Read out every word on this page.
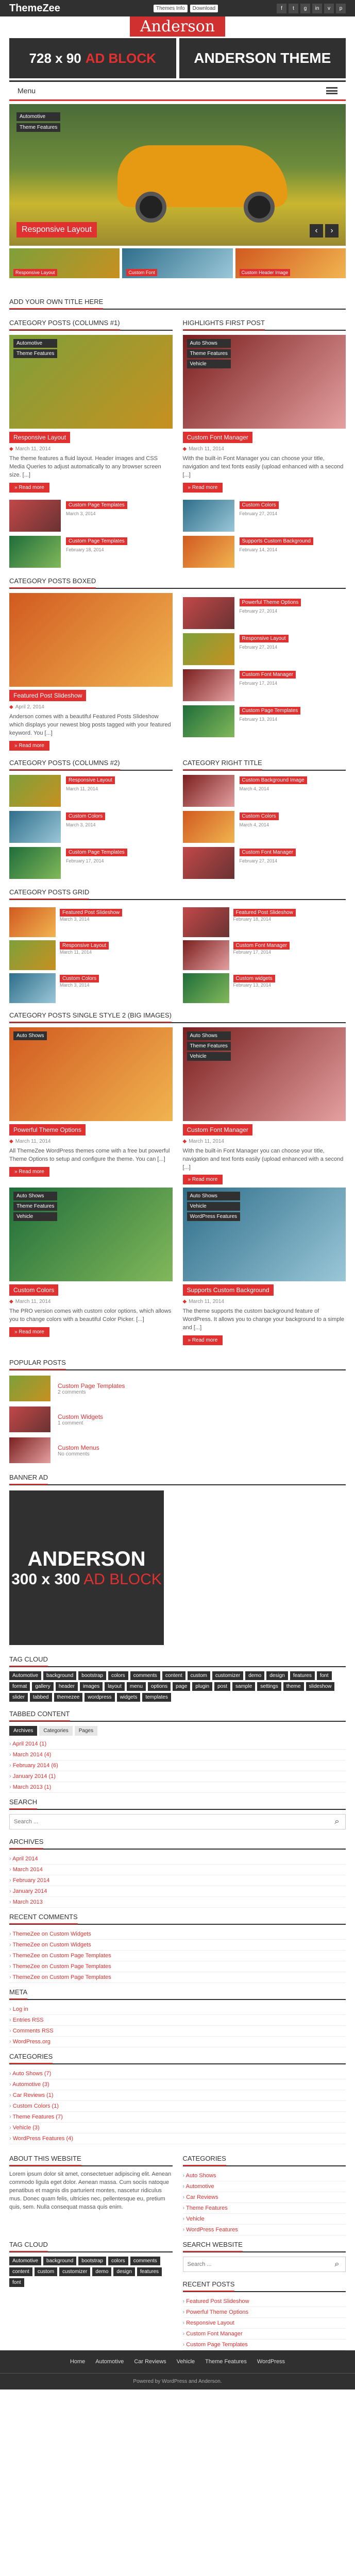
ThemeZee	Themes Info	Download	f	t	g	in	v	p
Anderson
728 x 90 AD BLOCK	ANDERSON THEME
Menu
Automotive
Theme Features
Responsive Layout	‹	›
Responsive Layout	Custom Font	Custom Header Image
ADD YOUR OWN TITLE HERE
CATEGORY POSTS (COLUMNS #1)
Automotive
Theme Features
Responsive Layout
◆ March 11, 2014
The theme features a fluid layout. Header images and CSS Media Queries to adjust automatically to any browser screen size. [...]
» Read more
Custom Page Templates
March 3, 2014
Custom Page Templates
February 18, 2014
HIGHLIGHTS FIRST POST
Auto Shows
Theme Features
Vehicle
Custom Font Manager
◆ March 11, 2014
With the built-in Font Manager you can choose your title, navigation and text fonts easily (upload enhanced with a second [...]
» Read more
Custom Colors
February 27, 2014
Supports Custom Background
February 14, 2014
CATEGORY POSTS BOXED
Featured Post Slideshow
◆ April 2, 2014
Anderson comes with a beautiful Featured Posts Slideshow which displays your newest blog posts tagged with your featured keyword. You [...]
» Read more
Powerful Theme Options
February 27, 2014
Responsive Layout
February 27, 2014
Custom Font Manager
February 17, 2014
Custom Page Templates
February 13, 2014
CATEGORY POSTS (COLUMNS #2)
Responsive Layout
March 11, 2014
Custom Colors
March 3, 2014
Custom Page Templates
February 17, 2014
CATEGORY RIGHT TITLE
Custom Background Image
March 4, 2014
Custom Colors
March 4, 2014
Custom Font Manager
February 27, 2014
CATEGORY POSTS GRID
Featured Post Slideshow
March 3, 2014
Responsive Layout
March 11, 2014
Custom Colors
March 3, 2014
Featured Post Slideshow
February 18, 2014
Custom Font Manager
February 17, 2014
Custom widgets
February 13, 2014
CATEGORY POSTS SINGLE STYLE 2 (BIG IMAGES)
Auto Shows
Powerful Theme Options
◆ March 11, 2014
All ThemeZee WordPress themes come with a free but powerful Theme Options to setup and configure the theme. You can [...]
» Read more
Auto Shows
Theme Features
Vehicle
Custom Font Manager
◆ March 11, 2014
With the built-in Font Manager you can choose your title, navigation and text fonts easily (upload enhanced with a second [...]
» Read more
Auto Shows
Theme Features
Vehicle
Custom Colors
◆ March 11, 2014
The PRO version comes with custom color options, which allows you to change colors with a beautiful Color Picker. [...]
» Read more
Auto Shows
Vehicle
WordPress Features
Supports Custom Background
◆ March 11, 2014
The theme supports the custom background feature of WordPress. It allows you to change your background to a simple and [...]
» Read more
POPULAR POSTS
Custom Page Templates
2 comments
Custom Widgets
1 comment
Custom Menus
No comments
BANNER AD
ANDERSON
300 x 300 AD BLOCK
TAG CLOUD
Automotive	background	bootstrap	colors	comments	content	custom	customizer	demo	design	features	font
format	gallery	header	images	layout	menu	options	page	plugin	post	sample	settings	theme	slideshow
slider	tabbed	themezee	wordpress	widgets	templates
TABBED CONTENT
Archives	Categories	Pages
› April 2014 (1)
› March 2014 (4)
› February 2014 (6)
› January 2014 (1)
› March 2013 (1)
SEARCH
Search ...
⌕
ARCHIVES
› April 2014
› March 2014
› February 2014
› January 2014
› March 2013
RECENT COMMENTS
› ThemeZee on Custom Widgets
› ThemeZee on Custom Widgets
› ThemeZee on Custom Page Templates
› ThemeZee on Custom Page Templates
› ThemeZee on Custom Page Templates
META
› Log in
› Entries RSS
› Comments RSS
› WordPress.org
CATEGORIES
› Auto Shows (7)
› Automotive (3)
› Car Reviews (1)
› Custom Colors (1)
› Theme Features (7)
› Vehicle (3)
› WordPress Features (4)
ABOUT THIS WEBSITE
Lorem ipsum dolor sit amet, consectetuer adipiscing elit. Aenean commodo ligula eget dolor. Aenean massa. Cum sociis natoque penatibus et magnis dis parturient montes, nascetur ridiculus mus. Donec quam felis, ultricies nec, pellentesque eu, pretium quis, sem. Nulla consequat massa quis enim.
CATEGORIES
› Auto Shows
› Automotive
› Car Reviews
› Theme Features
› Vehicle
› WordPress Features
TAG CLOUD
Automotive	background	bootstrap	colors	comments
content	custom	customizer	demo	design	features
font
SEARCH WEBSITE
Search ...
⌕
RECENT POSTS
› Featured Post Slideshow
› Powerful Theme Options
› Responsive Layout
› Custom Font Manager
› Custom Page Templates
Home Automotive Car Reviews Vehicle Theme Features WordPress
Powered by WordPress and Anderson.
